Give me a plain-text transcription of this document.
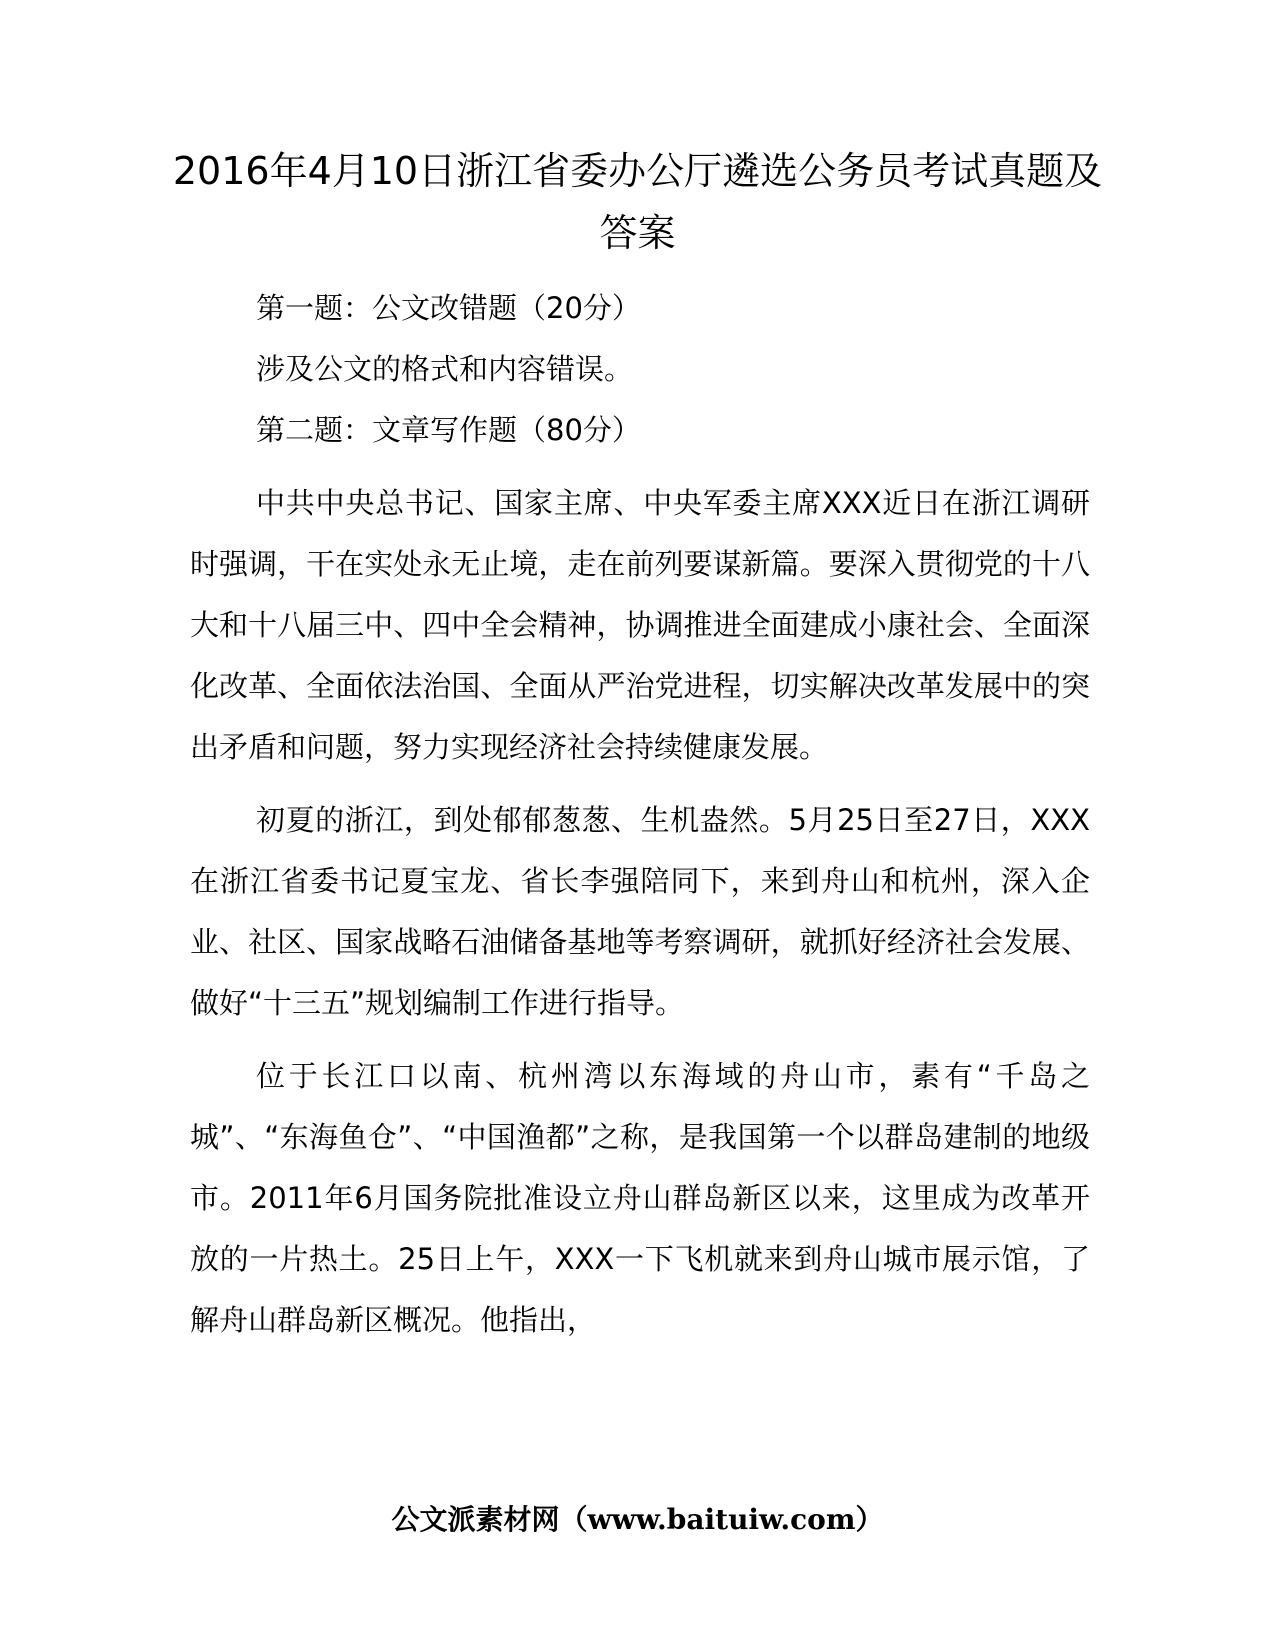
2016年4月10日浙江省委办公厅遴选公务员考试真题及答案

第一题：公文改错题（20分）

涉及公文的格式和内容错误。

第二题：文章写作题（80分）

中共中央总书记、国家主席、中央军委主席XXX近日在浙江调研时强调，干在实处永无止境，走在前列要谋新篇。要深入贯彻党的十八大和十八届三中、四中全会精神，协调推进全面建成小康社会、全面深化改革、全面依法治国、全面从严治党进程，切实解决改革发展中的突出矛盾和问题，努力实现经济社会持续健康发展。

初夏的浙江，到处郁郁葱葱、生机盎然。5月25日至27日，XXX在浙江省委书记夏宝龙、省长李强陪同下，来到舟山和杭州，深入企业、社区、国家战略石油储备基地等考察调研，就抓好经济社会发展、做好“十三五”规划编制工作进行指导。

位于长江口以南、杭州湾以东海域的舟山市，素有“千岛之城”、“东海鱼仓”、“中国渔都”之称，是我国第一个以群岛建制的地级市。2011年6月国务院批准设立舟山群岛新区以来，这里成为改革开放的一片热土。25日上午，XXX一下飞机就来到舟山城市展示馆，了解舟山群岛新区概况。他指出，

公文派素材网（www.baituiw.com）
